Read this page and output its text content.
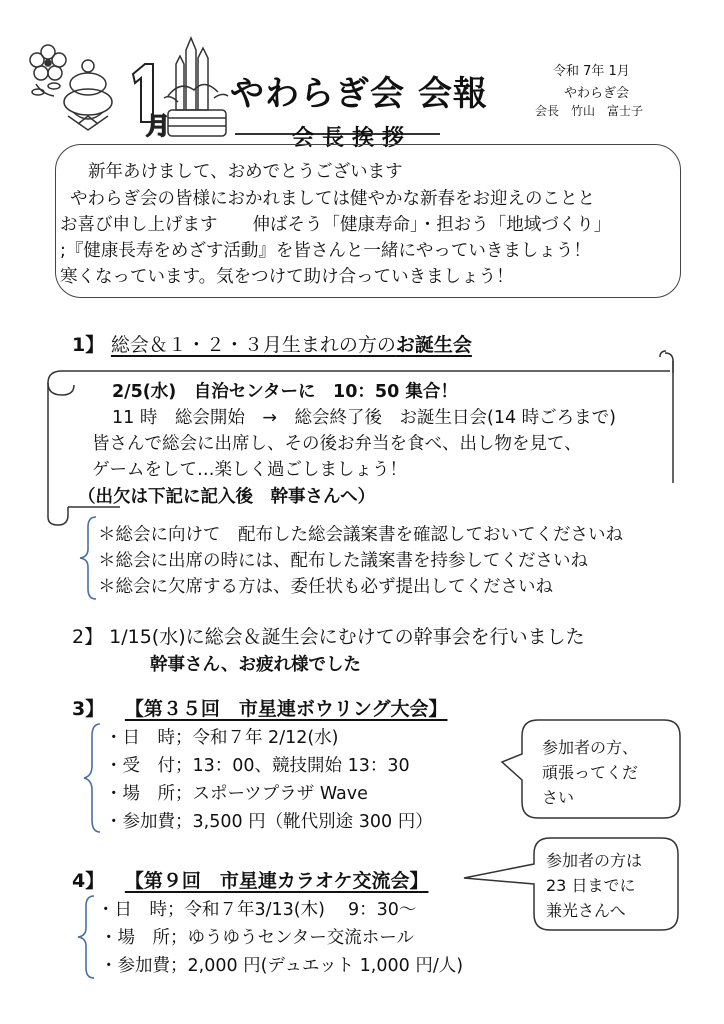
月
やわらぎ会 会報
令和 7年 1月
やわらぎ会
会長　竹山　富士子
会長挨拶
新年あけまして、おめでとうございます
やわらぎ会の皆様におかれましては健やかな新春をお迎えのことと
お喜び申し上げます　　伸ばそう「健康寿命」・担おう「地域づくり」
;『健康長寿をめざす活動』を皆さんと一緒にやっていきましょう！
寒くなっています。気をつけて助け合っていきましょう！
1】 総会＆１・２・３月生まれの方のお誕生会
2/5(水)　自治センターに　10：50 集合！
11 時　総会開始　→　総会終了後　お誕生日会(14 時ごろまで)
皆さんで総会に出席し、その後お弁当を食べ、出し物を見て、
ゲームをして…楽しく過ごしましょう！
（出欠は下記に記入後　幹事さんへ）
＊総会に向けて　配布した総会議案書を確認しておいてくださいね
＊総会に出席の時には、配布した議案書を持参してくださいね
＊総会に欠席する方は、委任状も必ず提出してくださいね
2】 1/15(水)に総会＆誕生会にむけての幹事会を行いました
幹事さん、お疲れ様でした
3】 【第３５回　市星連ボウリング大会】
・日　時；令和７年 2/12(水)
・受　付；13：00、競技開始 13：30
・場　所；スポーツプラザ Wave
・参加費；3,500 円（靴代別途 300 円）
参加者の方、
頑張ってくだ
さい
4】 【第９回　市星連カラオケ交流会】
・日　時；令和７年3/13(木)　 9：30～
・場　所；ゆうゆうセンター交流ホール
・参加費；2,000 円(デュエット 1,000 円/人)
参加者の方は
23 日までに
兼光さんへ
